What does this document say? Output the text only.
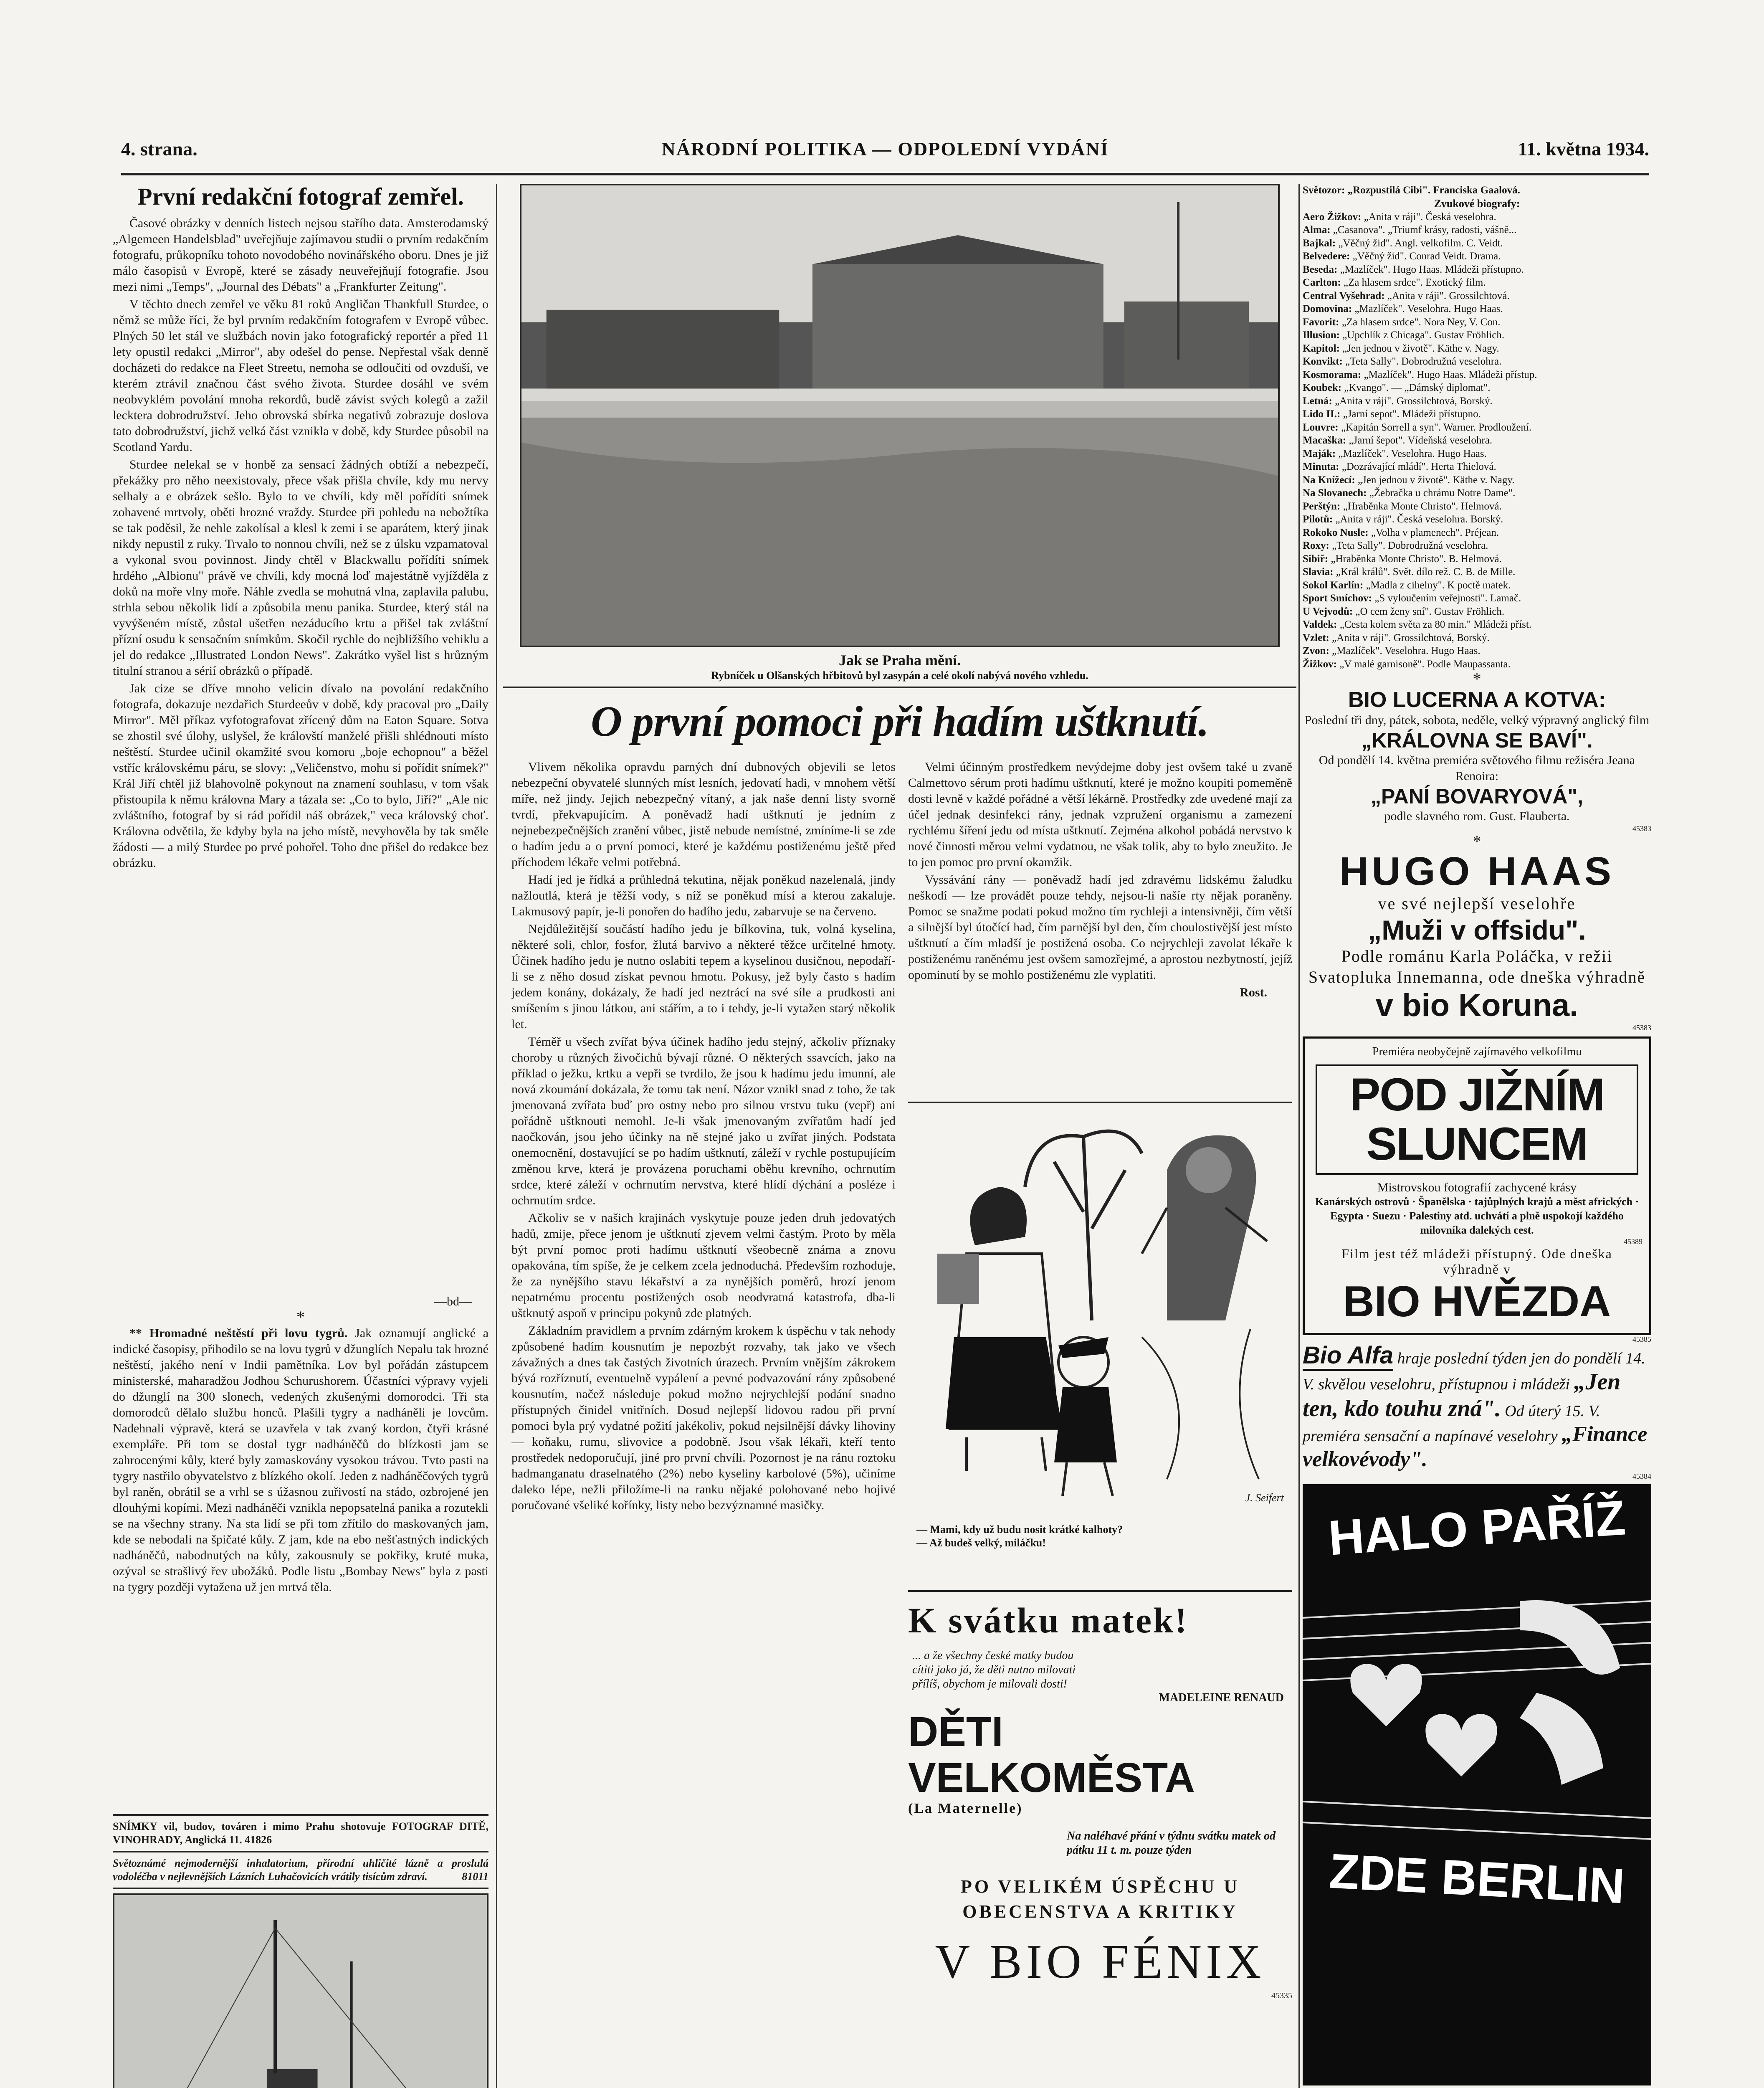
4. strana.	NÁRODNÍ POLITIKA — ODPOLEDNÍ VYDÁNÍ	11. května 1934.
První redakční fotograf zemřel.

Časové obrázky v denních listech nejsou stařího data. Amsterodamský „Algemeen Handelsblad" uveřejňuje zajímavou studii o prvním redakčním fotografu, průkopníku tohoto novodobého novinářského oboru. Dnes je již málo časopisů v Evropě, které se zásady neuveřejňují fotografie. Jsou mezi nimi „Temps", „Journal des Débats" a „Frankfurter Zeitung".

V těchto dnech zemřel ve věku 81 roků Angličan Thankfull Sturdee, o němž se může říci, že byl prvním redakčním fotografem v Evropě vůbec. Plných 50 let stál ve službách novin jako fotografický reportér a před 11 lety opustil redakci „Mirror", aby odešel do pense. Nepřestal však denně docházeti do redakce na Fleet Streetu, nemoha se odloučiti od ovzduší, ve kterém ztrávil značnou část svého života. Sturdee dosáhl ve svém neobvyklém povolání mnoha rekordů, budě závist svých kolegů a zažil lecktera dobrodružství. Jeho obrovská sbírka negativů zobrazuje doslova tato dobrodružství, jichž velká část vznikla v době, kdy Sturdee působil na Scotland Yardu.

Sturdee nelekal se v honbě za sensací žádných obtíží a nebezpečí, překážky pro něho neexistovaly, přece však přišla chvíle, kdy mu nervy selhaly a e obrázek sešlo. Bylo to ve chvíli, kdy měl pořídíti snímek zohavené mrtvoly, oběti hrozné vraždy. Sturdee při pohledu na nebožtíka se tak poděsil, že nehle zakolísal a klesl k zemi i se aparátem, který jinak nikdy nepustil z ruky. Trvalo to nonnou chvíli, než se z úlsku vzpamatoval a vykonal svou povinnost. Jindy chtěl v Blackwallu pořídíti snímek hrdého „Albionu" právě ve chvíli, kdy mocná loď majestátně vyjížděla z doků na moře vlny moře. Náhle zvedla se mohutná vlna, zaplavila palubu, strhla sebou několik lidí a způsobila menu panika. Sturdee, který stál na vyvýšeném místě, zůstal ušetřen nezáducího krtu a přišel tak zvláštní přízní osudu k sensačním snímkům. Skočil rychle do nejbližšího vehiklu a jel do redakce „Illustrated London News". Zakrátko vyšel list s hrůzným titulní stranou a sérií obrázků o případě.

Jak cize se dříve mnoho velicin dívalo na povolání redakčního fotografa, dokazuje nezdařich Sturdeeův v době, kdy pracoval pro „Daily Mirror". Měl příkaz vyfotografovat zřícený dům na Eaton Square. Sotva se zhostil své úlohy, uslyšel, že královští manželé přišli shlédnouti místo neštěstí. Sturdee učinil okamžité svou komoru „boje echopnou" a běžel vstříc královskému páru, se slovy: „Veličenstvo, mohu si pořídit snímek?" Král Jiří chtěl již blahovolně pokynout na znamení souhlasu, v tom však přistoupila k němu královna Mary a tázala se: „Co to bylo, Jiří?" „Ale nic zvláštního, fotograf by si rád pořídil náš obrázek," veca královský choť. Královna odvětila, že kdyby byla na jeho místě, nevyhověla by tak směle žádosti — a milý Sturdee po prvé pohořel. Toho dne přišel do redakce bez obrázku.

—bd—
*

** Hromadné neštěstí při lovu tygrů. Jak oznamují anglické a indické časopisy, přihodilo se na lovu tygrů v džunglích Nepalu tak hrozné neštěstí, jakého není v Indii pamětníka. Lov byl pořádán zástupcem ministerské, maharadžou Jodhou Schurushorem. Účastníci výpravy vyjeli do džunglí na 300 slonech, vedených zkušenými domorodci. Tři sta domorodců dělalo službu honců. Plašili tygry a nadháněli je lovcům. Nadehnali výpravě, která se uzavřela v tak zvaný kordon, čtyři krásné exempláře. Při tom se dostal tygr nadháněčů do blízkosti jam se zahrocenými kůly, které byly zamaskovány vysokou trávou. Tvto pasti na tygry nastřilo obyvatelstvo z blízkého okolí. Jeden z nadháněčových tygrů byl raněn, obrátil se a vrhl se s úžasnou zuřivostí na stádo, ozbrojené jen dlouhými kopími. Mezi nadháněči vznikla nepopsatelná panika a rozutekli se na všechny strany. Na sta lidí se při tom zřítilo do maskovaných jam, kde se nebodali na špičaté kůly. Z jam, kde na ebo nešťastných indických nadháněčů, nabodnutých na kůly, zakousnuly se pokřiky, kruté muka, ozýval se strašlivý řev ubožáků. Podle listu „Bombay News" byla z pasti na tygry později vytažena už jen mrtvá těla.

SNÍMKY vil, budov, továren i mimo Prahu shotovuje FOTOGRAF DITĚ, VINOHRADY, Anglická 11. 41826
Světoznámé nejmodernější inhalatorium, přírodní uhličité lázně a proslulá vodoléčba v nejlevnějších Lázních Luhačovicích vrátily tisícům zdraví.	81011
Jak se Praha mění.
Rybníček u Olšanských hřbitovů byl zasypán a celé okolí nabývá nového vzhledu.
O první pomoci při hadím uštknutí.

Vlivem několika opravdu parných dní dubnových objevili se letos nebezpeční obyvatelé slunných míst lesních, jedovatí hadi, v mnohem větší míře, než jindy. Jejich nebezpečný vítaný, a jak naše denní listy svorně tvrdí, překvapujícím. A poněvadž hadí uštknutí je jedním z nejnebezpečnějších zranění vůbec, jistě nebude nemístné, zmíníme-li se zde o hadím jedu a o první pomoci, které je každému postiženému ještě před příchodem lékaře velmi potřebná.

Hadí jed je řídká a průhledná tekutina, nějak poněkud nazelenalá, jindy nažloutlá, která je těžší vody, s níž se poněkud mísí a kterou zakaluje. Lakmusový papír, je-li ponořen do hadího jedu, zabarvuje se na červeno.

Nejdůležitější součástí hadího jedu je bílkovina, tuk, volná kyselina, některé soli, chlor, fosfor, žlutá barvivo a některé těžce určitelné hmoty. Účinek hadího jedu je nutno oslabiti tepem a kyselinou dusičnou, nepodaří-li se z něho dosud získat pevnou hmotu. Pokusy, jež byly často s hadím jedem konány, dokázaly, že hadí jed neztrácí na své síle a prudkosti ani smíšením s jinou látkou, ani stářím, a to i tehdy, je-li vytažen starý několik let.

Téměř u všech zvířat býva účinek hadího jedu stejný, ačkoliv příznaky choroby u různých živočichů bývají různé. O některých ssavcích, jako na příklad o ježku, krtku a vepři se tvrdilo, že jsou k hadímu jedu imunní, ale nová zkoumání dokázala, že tomu tak není. Názor vznikl snad z toho, že tak jmenovaná zvířata buď pro ostny nebo pro silnou vrstvu tuku (vepř) ani pořádně uštknouti nemohl. Je-li však jmenovaným zvířatům hadí jed naočkován, jsou jeho účinky na ně stejné jako u zvířat jiných. Podstata onemocnění, dostavující se po hadím uštknutí, záleží v rychle postupujícím změnou krve, která je provázena poruchami oběhu krevního, ochrnutím srdce, které záleží v ochrnutím nervstva, které hlídí dýchání a posléze i ochrnutím srdce.

Ačkoliv se v našich krajinách vyskytuje pouze jeden druh jedovatých hadů, zmije, přece jenom je uštknutí zjevem velmi častým. Proto by měla být první pomoc proti hadímu uštknutí všeobecně známa a znovu opakována, tím spíše, že je celkem zcela jednoduchá. Především rozhoduje, že za nynějšího stavu lékařství a za nynějších poměrů, hrozí jenom nepatrnému procentu postižených osob neodvratná katastrofa, dba-li uštknutý aspoň v principu pokynů zde platných.

Základním pravidlem a prvním zdárným krokem k úspěchu v tak nehody způsobené hadím kousnutím je nepozbýt rozvahy, tak jako ve všech závažných a dnes tak častých životních úrazech. Prvním vnějším zákrokem bývá rozříznutí, eventuelně vypálení a pevné podvazování rány způsobené kousnutím, načež následuje pokud možno nejrychlejší podání snadno přístupných činidel vnitřních. Dosud nejlepší lidovou radou při první pomoci byla prý vydatné požití jakékoliv, pokud nejsilnější dávky lihoviny — koňaku, rumu, slivovice a podobně. Jsou však lékaři, kteří tento prostředek nedoporučují, jiné pro první chvíli. Pozornost je na ránu roztoku hadmanganatu draselnatého (2%) nebo kyseliny karbolové (5%), učiníme daleko lépe, nežli přiložíme-li na ranku nějaké polohované nebo hojivé poručované všeliké kořínky, listy nebo bezvýznamné masičky.

Velmi účinným prostředkem nevýdejme doby jest ovšem také u zvaně Calmettovo sérum proti hadímu uštknutí, které je možno koupiti pomeměně dosti levně v každé pořádné a větší lékárně. Prostředky zde uvedené mají za účel jednak desinfekci rány, jednak vzpružení organismu a zamezení rychlému šíření jedu od místa uštknutí. Zejména alkohol pobádá nervstvo k nové činnosti měrou velmi vydatnou, ne však tolik, aby to bylo zneužito. Je to jen pomoc pro první okamžik.

Vyssávání rány — poněvadž hadí jed zdravému lidskému žaludku neškodí — lze provádět pouze tehdy, nejsou-li našíe rty nějak poraněny. Pomoc se snažme podati pokud možno tím rychleji a intensivněji, čím větší a silnější byl útočící had, čím parnější byl den, čím choulostivější jest místo uštknutí a čím mladší je postižená osoba. Co nejrychleji zavolat lékaře k postiženému raněnému jest ovšem samozřejmé, a aprostou nezbytností, jejíž opominutí by se mohlo postiženému zle vyplatiti.

Rost.
J. Seifert
— Mami, kdy už budu nosit krátké kalhoty?
— Až budeš velký, miláčku!
K svátku matek!
... a že všechny české matky budou cítiti jako já, že děti nutno milovati přílíš, obychom je milovali dosti!
MADELEINE RENAUD
DĚTI VELKOMĚSTA
(La Maternelle)
Na naléhavé přání v týdnu svátku matek od pátku 11 t. m. pouze týden
PO VELIKÉM ÚSPĚCHU U OBECENSTVA A KRITIKY
V BIO FÉNIX
45335
Světozor: „Rozpustilá Cibi". Franciska Gaalová.
Zvukové biografy:
Aero Žižkov: „Anita v ráji". Česká veselohra.
Alma: „Casanova". „Triumf krásy, radosti, vášně...
Bajkal: „Věčný žid". Angl. velkofilm. C. Veidt.
Belvedere: „Věčný žid". Conrad Veidt. Drama.
Beseda: „Mazlíček". Hugo Haas. Mládeži přístupno.
Carlton: „Za hlasem srdce". Exotický film.
Central Vyšehrad: „Anita v ráji". Grossilchtová.
Domovina: „Mazlíček". Veselohra. Hugo Haas.
Favorit: „Za hlasem srdce". Nora Ney, V. Con.
Illusion: „Upchlík z Chicaga". Gustav Fröhlich.
Kapitol: „Jen jednou v životě". Käthe v. Nagy.
Konvikt: „Teta Sally". Dobrodružná veselohra.
Kosmorama: „Mazlíček". Hugo Haas. Mládeži přístup.
Koubek: „Kvango". — „Dámský diplomat".
Letná: „Anita v ráji". Grossilchtová, Borský.
Lido II.: „Jarní sepot". Mládeži přístupno.
Louvre: „Kapitán Sorrell a syn". Warner. Prodloužení.
Macaška: „Jarní šepot". Vídeňská veselohra.
Maják: „Mazlíček". Veselohra. Hugo Haas.
Minuta: „Dozrávající mládí". Herta Thielová.
Na Knížecí: „Jen jednou v životě". Käthe v. Nagy.
Na Slovanech: „Žebračka u chrámu Notre Dame".
Perštýn: „Hraběnka Monte Christo". Helmová.
Pilotů: „Anita v ráji". Česká veselohra. Borský.
Rokoko Nusle: „Volha v plamenech". Préjean.
Roxy: „Teta Sally". Dobrodružná veselohra.
Sibiř: „Hraběnka Monte Christo". B. Helmová.
Slavia: „Král králů". Svět. dílo rež. C. B. de Mille.
Sokol Karlín: „Madla z cihelny". K poctě matek.
Sport Smíchov: „S vyloučením veřejnosti". Lamač.
U Vejvodů: „O cem ženy sní". Gustav Fröhlich.
Valdek: „Cesta kolem světa za 80 min." Mládeži příst.
Vzlet: „Anita v ráji". Grossilchtová, Borský.
Zvon: „Mazlíček". Veselohra. Hugo Haas.
Žižkov: „V malé garnisoně". Podle Maupassanta.
*
BIO LUCERNA A KOTVA:
Poslední tři dny, pátek, sobota, neděle, velký výpravný anglický film
„KRÁLOVNA SE BAVÍ".
Od pondělí 14. května premiéra světového filmu režiséra Jeana Renoira:
„PANÍ BOVARYOVÁ",
podle slavného rom. Gust. Flauberta.
45383
*
HUGO HAAS
ve své nejlepší veselohře
„Muži v offsidu".
Podle románu Karla Poláčka, v režii Svatopluka Innemanna, ode dneška výhradně
v bio Koruna.
45383
Premiéra neobyčejně zajímavého velkofilmu
POD JIŽNÍM
SLUNCEM
Mistrovskou fotografií zachycené krásy
Kanárských ostrovů · Španělska · tajůplných krajů a měst afrických · Egypta · Suezu · Palestiny atd. uchvátí a plně uspokojí každého milovníka dalekých cest.
45389
Film jest též mládeži přístupný. Ode dneška výhradně v
BIO HVĚZDA
45385
Bio Alfa hraje poslední týden jen do pondělí 14. V. skvělou veselohru, přístupnou i mládeži „Jen ten, kdo touhu zná". Od úterý 15. V. premiéra sensační a napínavé veselohry „Finance velkovévody".
45384
HALO PAŘÍŽ
ZDE BERLIN
